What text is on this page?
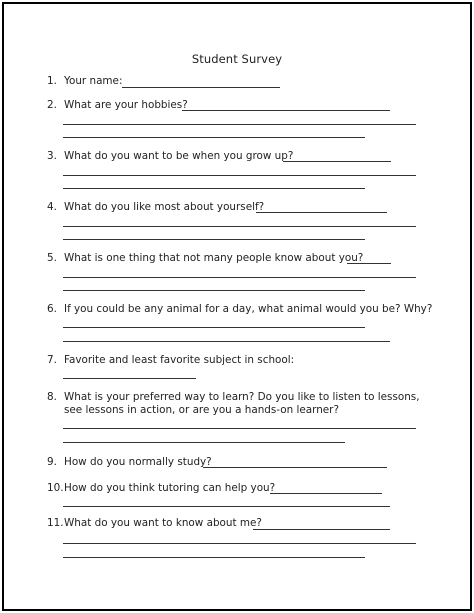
Student Survey
1. Your name:
2. What are your hobbies?
3. What do you want to be when you grow up?
4. What do you like most about yourself?
5. What is one thing that not many people know about you?
6. If you could be any animal for a day, what animal would you be? Why?
7. Favorite and least favorite subject in school:
8. What is your preferred way to learn? Do you like to listen to lessons,
see lessons in action, or are you a hands-on learner?
9. How do you normally study?
10.How do you think tutoring can help you?
11.What do you want to know about me?
